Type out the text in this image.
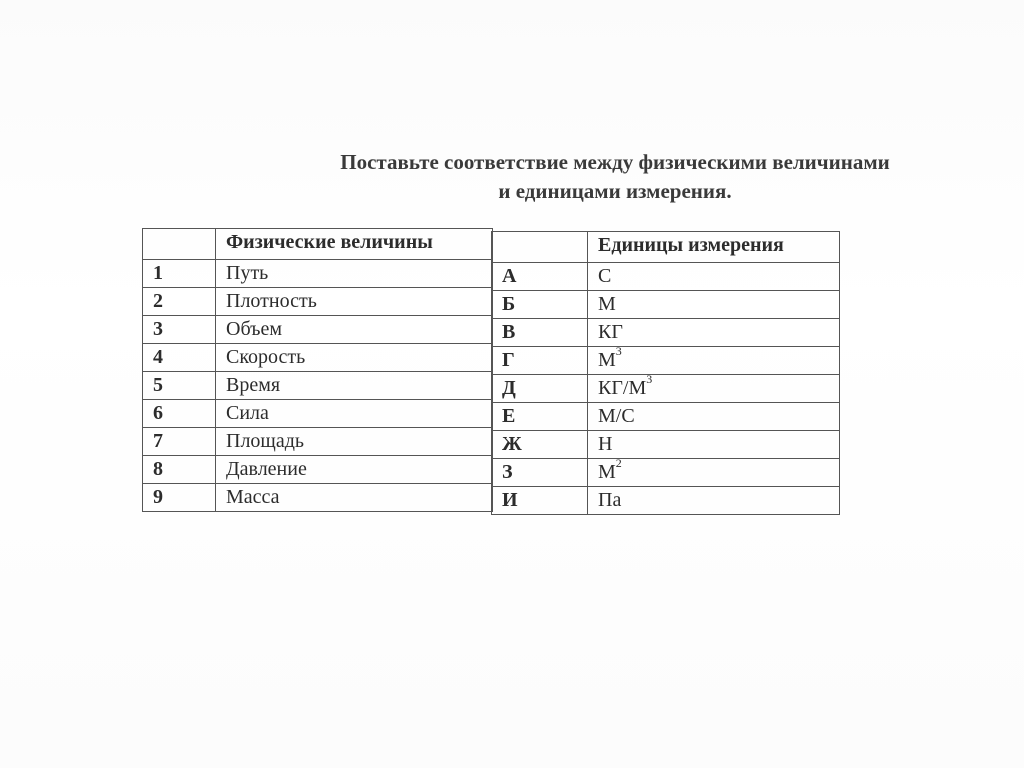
Поставьте соответствие между физическими величинами
и единицами измерения.
	Физические величины
1	Путь
2	Плотность
3	Объем
4	Скорость
5	Время
6	Сила
7	Площадь
8	Давление
9	Масса
	Единицы измерения
А	С
Б	М
В	КГ
Г	$М^3$
Д	$КГ/М^3$
Е	М/С
Ж	Н
З	$М^2$
И	Па
